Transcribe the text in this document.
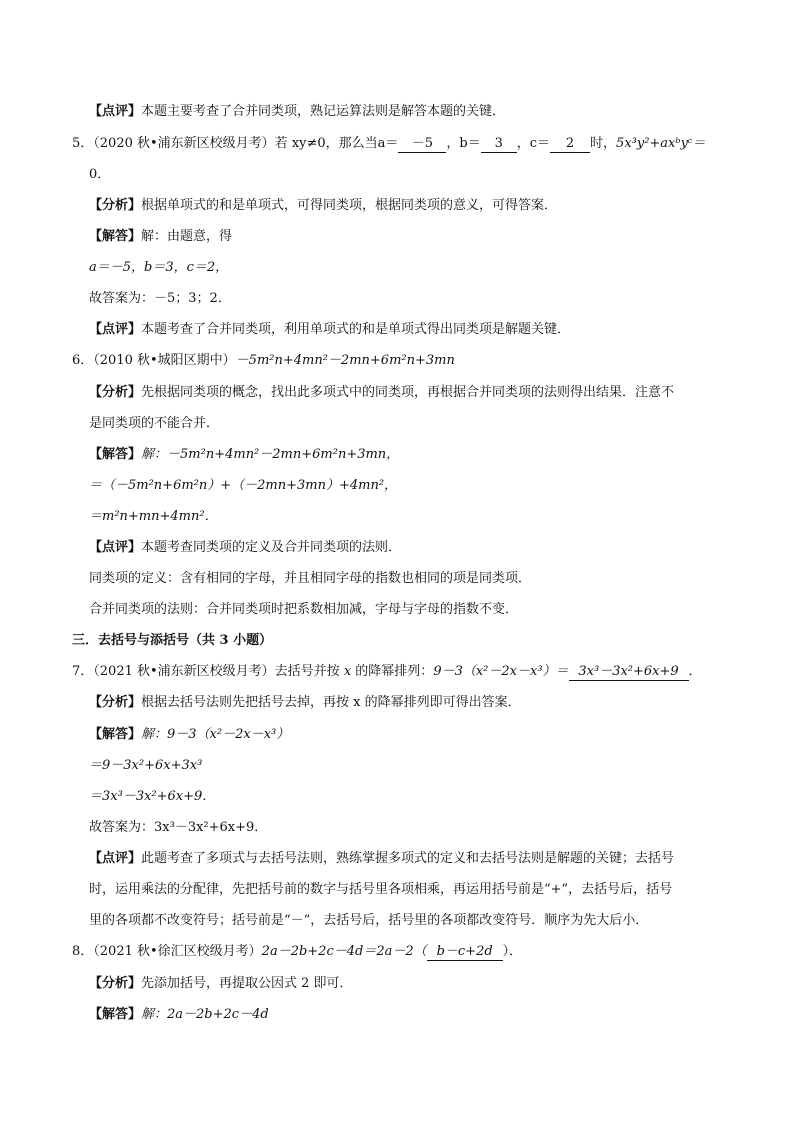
【点评】本题主要考查了合并同类项，熟记运算法则是解答本题的关键．
5．（2020 秋•浦东新区校级月考）若 xy≠0，那么当a＝ －5 ，b＝ 3 ，c＝ 2 时，5x³y²+axᵇyᶜ＝
0．
【分析】根据单项式的和是单项式，可得同类项，根据同类项的意义，可得答案．
【解答】解：由题意，得
a＝－5，b＝3，c＝2，
故答案为：－5；3；2．
【点评】本题考查了合并同类项，利用单项式的和是单项式得出同类项是解题关键．
6．（2010 秋•城阳区期中）－5m²n+4mn²－2mn+6m²n+3mn
【分析】先根据同类项的概念，找出此多项式中的同类项，再根据合并同类项的法则得出结果．注意不
是同类项的不能合并．
【解答】解：－5m²n+4mn²－2mn+6m²n+3mn，
＝（－5m²n+6m²n）+（－2mn+3mn）+4mn²，
＝m²n+mn+4mn²．
【点评】本题考查同类项的定义及合并同类项的法则．
同类项的定义：含有相同的字母，并且相同字母的指数也相同的项是同类项．
合并同类项的法则：合并同类项时把系数相加减，字母与字母的指数不变．
三．去括号与添括号（共 3 小题）
7．（2021 秋•浦东新区校级月考）去括号并按 x 的降幂排列：9－3（x²－2x－x³）＝ 3x³－3x²+6x+9 ．
【分析】根据去括号法则先把括号去掉，再按 x 的降幂排列即可得出答案．
【解答】解：9－3（x²－2x－x³）
＝9－3x²+6x+3x³
＝3x³－3x²+6x+9．
故答案为：3x³－3x²+6x+9．
【点评】此题考查了多项式与去括号法则，熟练掌握多项式的定义和去括号法则是解题的关键；去括号
时，运用乘法的分配律，先把括号前的数字与括号里各项相乘，再运用括号前是“+”，去括号后，括号
里的各项都不改变符号；括号前是“－”，去括号后，括号里的各项都改变符号．顺序为先大后小．
8．（2021 秋•徐汇区校级月考）2a－2b+2c－4d＝2a－2（ b－c+2d ）．
【分析】先添加括号，再提取公因式 2 即可．
【解答】解：2a－2b+2c－4d
